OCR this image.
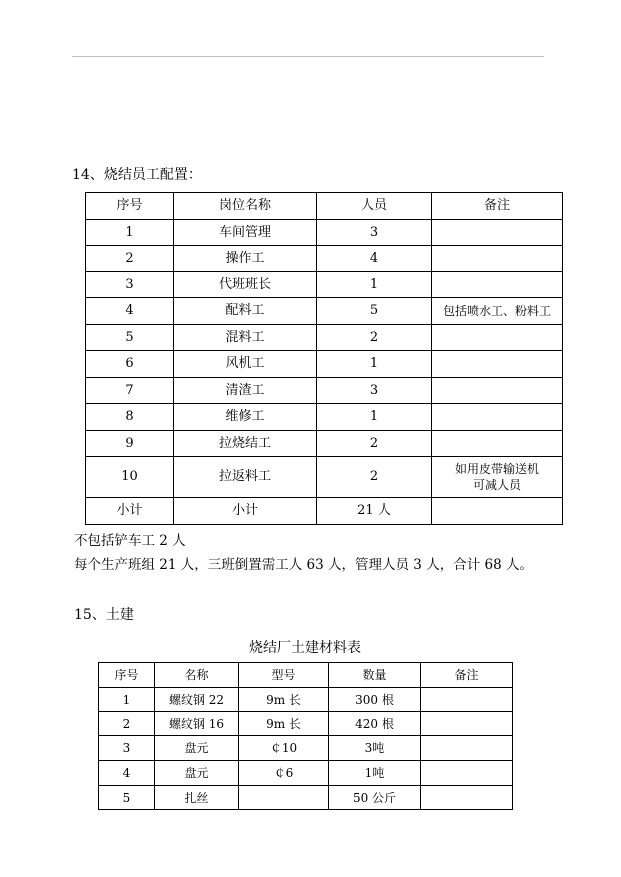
14、烧结员工配置：
序号	岗位名称	人员	备注
1	车间管理	3	
2	操作工	4	
3	代班班长	1	
4	配料工	5	包括喷水工、粉料工
5	混料工	2	
6	风机工	1	
7	清渣工	3	
8	维修工	1	
9	拉烧结工	2	
10	拉返料工	2	如用皮带输送机
可减人员

小计	小计	21 人	
不包括铲车工 2 人
每个生产班组 21 人，三班倒置需工人 63 人，管理人员 3 人，合计 68 人。
15、土建
烧结厂土建材料表
序号	名称	型号	数量	备注
1	螺纹钢 22	9m 长	300 根	
2	螺纹钢 16	9m 长	420 根	
3	盘元	￠10	3吨	
4	盘元	￠6	1吨	
5	扎丝		50 公斤	
